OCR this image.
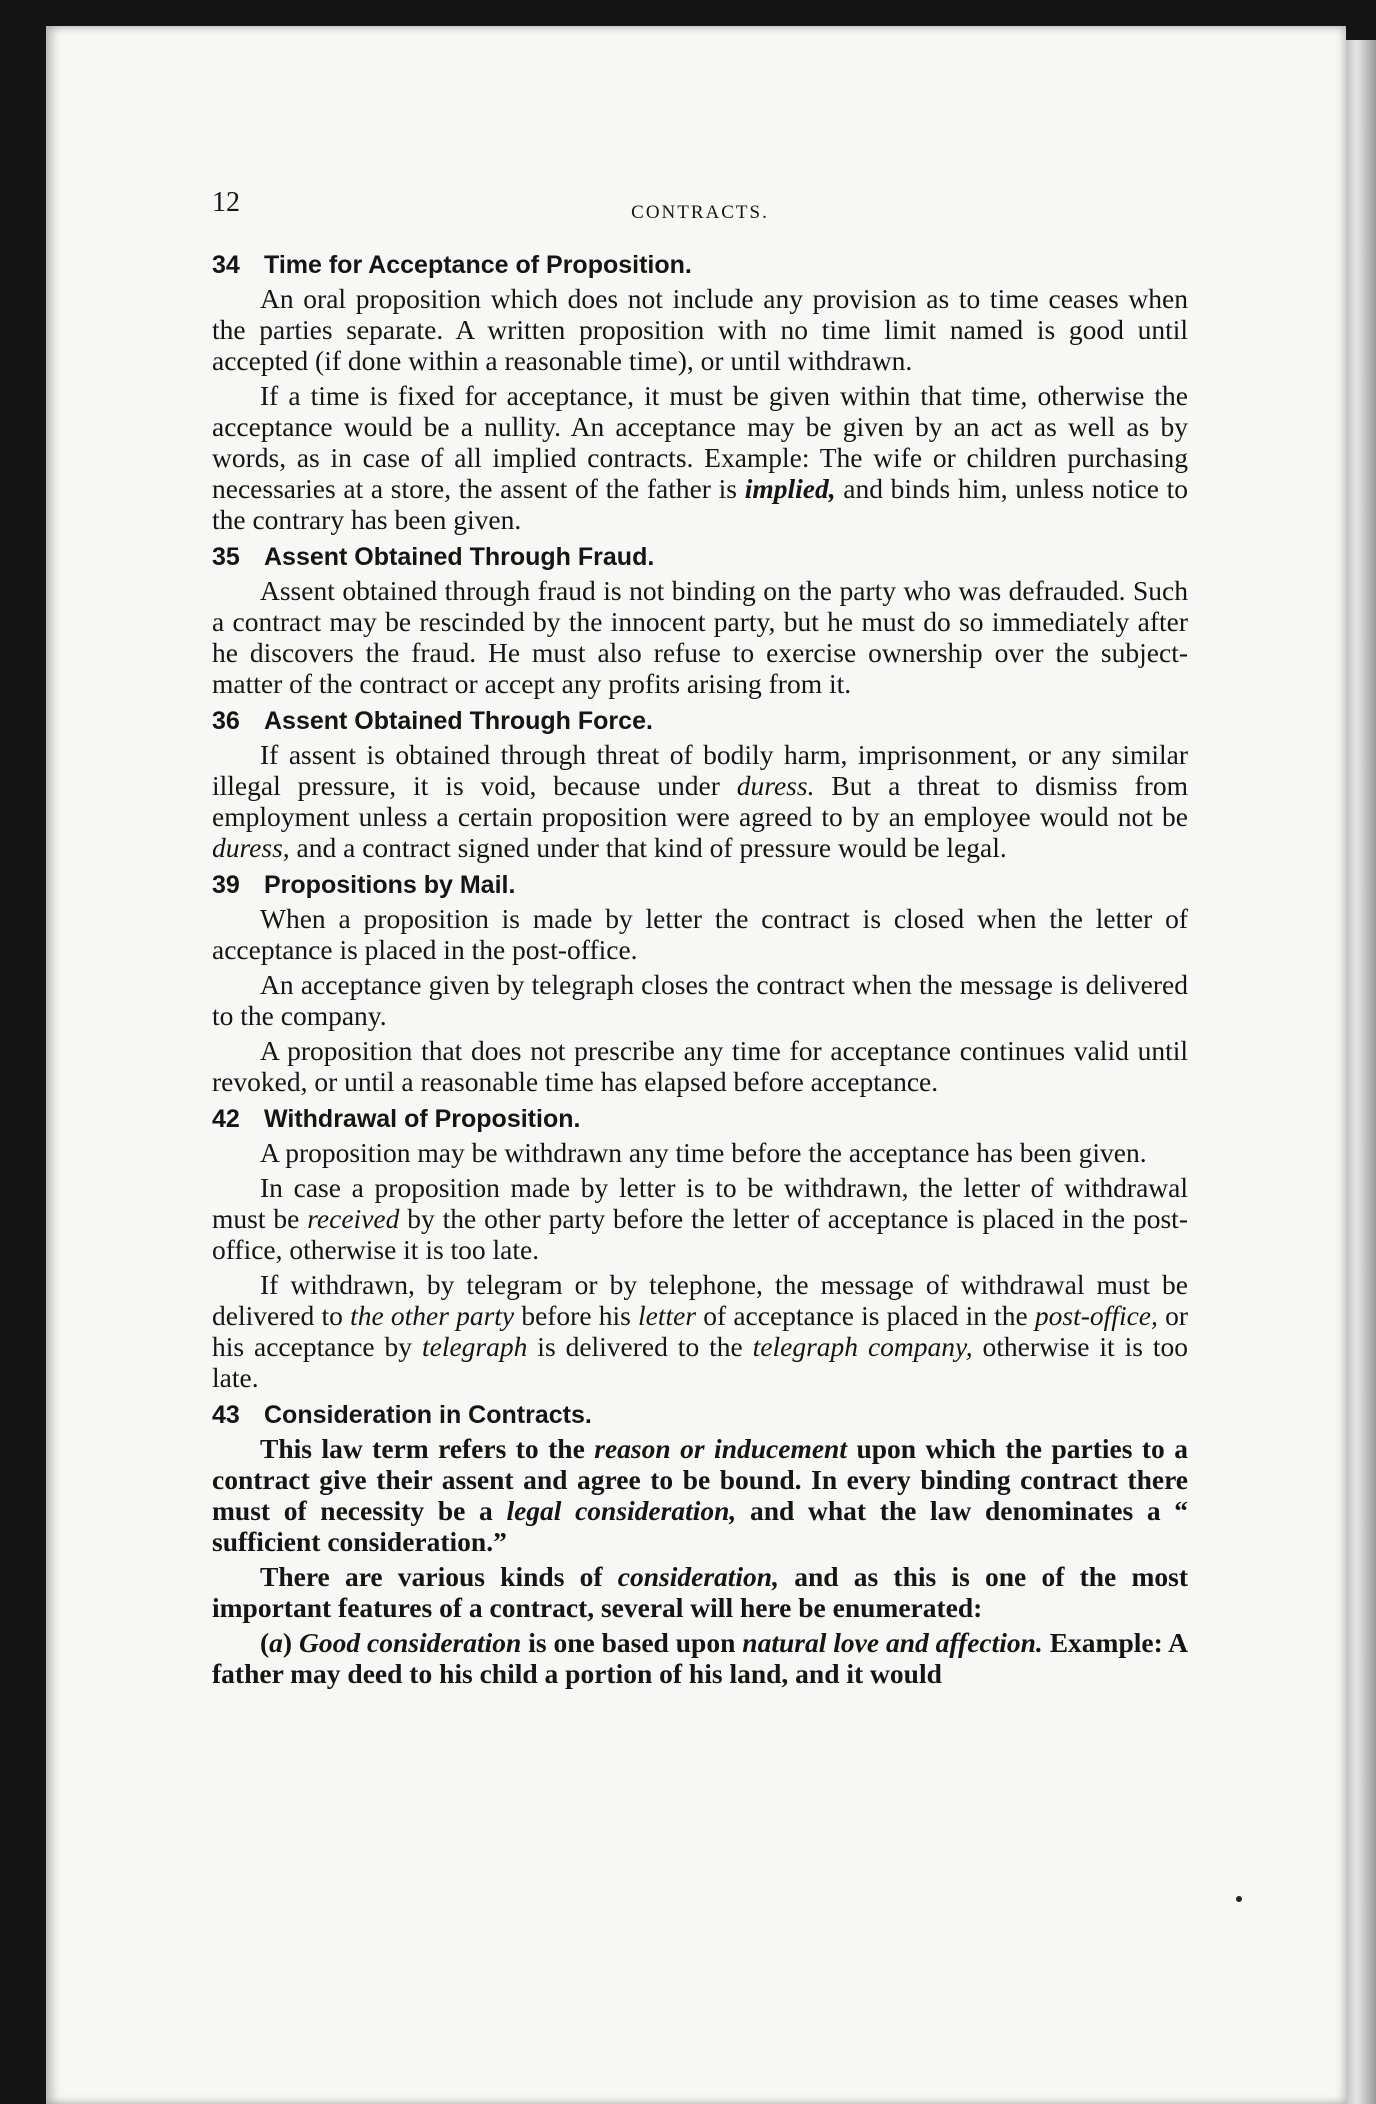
12	CONTRACTS.
34 Time for Acceptance of Proposition.

An oral proposition which does not include any provision as to time ceases when the parties separate. A written proposition with no time limit named is good until accepted (if done within a reasonable time), or until withdrawn.

If a time is fixed for acceptance, it must be given within that time, otherwise the acceptance would be a nullity. An acceptance may be given by an act as well as by words, as in case of all implied contracts. Example: The wife or children purchasing necessaries at a store, the assent of the father is implied, and binds him, unless notice to the contrary has been given.

35 Assent Obtained Through Fraud.

Assent obtained through fraud is not binding on the party who was defrauded. Such a contract may be rescinded by the innocent party, but he must do so immediately after he discovers the fraud. He must also refuse to exercise ownership over the subject-matter of the contract or accept any profits arising from it.

36 Assent Obtained Through Force.

If assent is obtained through threat of bodily harm, imprisonment, or any similar illegal pressure, it is void, because under duress. But a threat to dismiss from employment unless a certain proposition were agreed to by an employee would not be duress, and a contract signed under that kind of pressure would be legal.

39 Propositions by Mail.

When a proposition is made by letter the contract is closed when the letter of acceptance is placed in the post-office.

An acceptance given by telegraph closes the contract when the message is delivered to the company.

A proposition that does not prescribe any time for acceptance continues valid until revoked, or until a reasonable time has elapsed before acceptance.

42 Withdrawal of Proposition.

A proposition may be withdrawn any time before the acceptance has been given.

In case a proposition made by letter is to be withdrawn, the letter of withdrawal must be received by the other party before the letter of acceptance is placed in the post-office, otherwise it is too late.

If withdrawn, by telegram or by telephone, the message of withdrawal must be delivered to the other party before his letter of acceptance is placed in the post-office, or his acceptance by telegraph is delivered to the telegraph company, otherwise it is too late.

43 Consideration in Contracts.

This law term refers to the reason or inducement upon which the parties to a contract give their assent and agree to be bound. In every binding contract there must of necessity be a legal consideration, and what the law denominates a “ sufficient consideration.”

There are various kinds of consideration, and as this is one of the most important features of a contract, several will here be enumerated:

(a) Good consideration is one based upon natural love and affection. Example: A father may deed to his child a portion of his land, and it would
